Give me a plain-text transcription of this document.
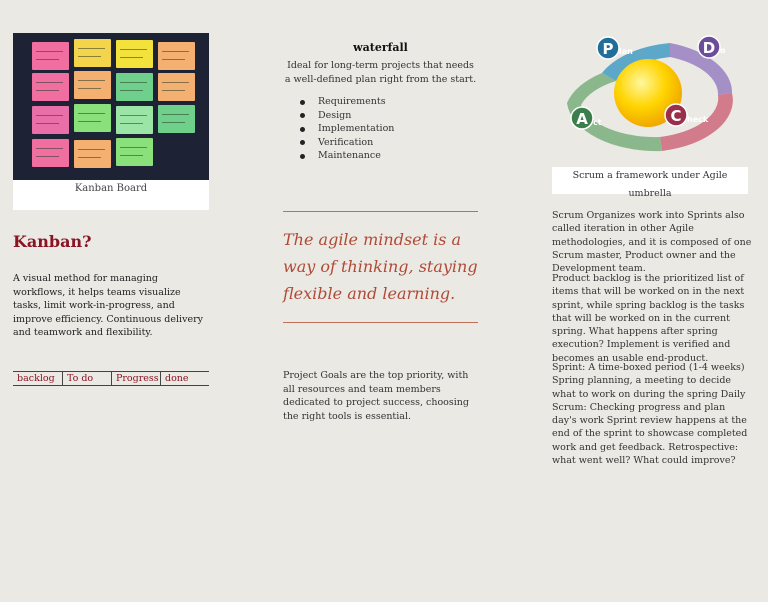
Kanban Board
Kanban?

A visual method for managing workflows, it helps teams visualize tasks, limit work-in-progress, and improve efficiency. Continuous delivery and teamwork and flexibility.

backlog	To do	Progress done
waterfall

Ideal for long-term projects that needs a well-defined plan right from the start.

Requirements
Design
Implementation
Verification
Maintenance

The agile mindset is a way of thinking, staying flexible and learning.

Project Goals are the top priority, with all resources and team members dedicated to project success, choosing the right tools is essential.

P lan	D o
C heck
A ct
Scrum a framework under Agile umbrella

Scrum Organizes work into Sprints also called iteration in other Agile methodologies, and it is composed of one Scrum master, Product owner and the Development team.

Product backlog is the prioritized list of items that will be worked on in the next sprint, while spring backlog is the tasks that will be worked on in the current spring. What happens after spring execution? Implement is verified and becomes an usable end-product.

Sprint: A time-boxed period (1-4 weeks) Spring planning, a meeting to decide what to work on during the spring Daily Scrum: Checking progress and plan day's work Sprint review happens at the end of the sprint to showcase completed work and get feedback. Retrospective: what went well? What could improve?
